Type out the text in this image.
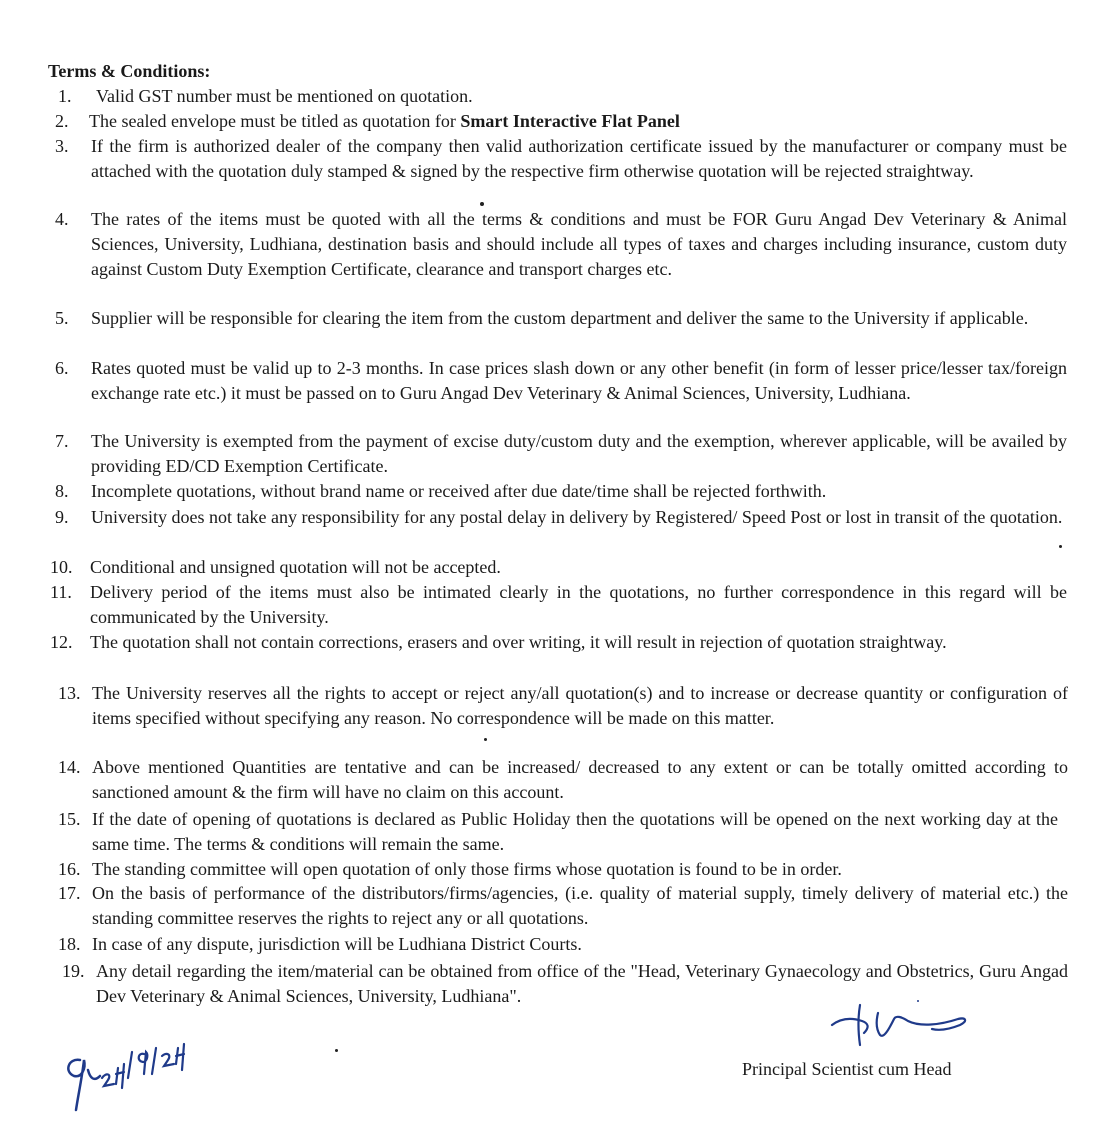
Terms & Conditions:
1.	Valid GST number must be mentioned on quotation.
2.	The sealed envelope must be titled as quotation for Smart Interactive Flat Panel
3.	If the firm is authorized dealer of the company then valid authorization certificate issued by the manufacturer or company must be attached with the quotation duly stamped & signed by the respective firm otherwise quotation will be rejected straightway.
4.	The rates of the items must be quoted with all the terms & conditions and must be FOR Guru Angad Dev Veterinary & Animal Sciences, University, Ludhiana, destination basis and should include all types of taxes and charges including insurance, custom duty against Custom Duty Exemption Certificate, clearance and transport charges etc.
5.	Supplier will be responsible for clearing the item from the custom department and deliver the same to the University if applicable.
6.	Rates quoted must be valid up to 2-3 months. In case prices slash down or any other benefit (in form of lesser price/lesser tax/foreign exchange rate etc.) it must be passed on to Guru Angad Dev Veterinary & Animal Sciences, University, Ludhiana.
7.	The University is exempted from the payment of excise duty/custom duty and the exemption, wherever applicable, will be availed by providing ED/CD Exemption Certificate.
8.	Incomplete quotations, without brand name or received after due date/time shall be rejected forthwith.
9.	University does not take any responsibility for any postal delay in delivery by Registered/ Speed Post or lost in transit of the quotation.
10. Conditional and unsigned quotation will not be accepted.
11.	Delivery period of the items must also be intimated clearly in the quotations, no further correspondence in this regard will be communicated by the University.
12. The quotation shall not contain corrections, erasers and over writing, it will result in rejection of quotation straightway.
13. The University reserves all the rights to accept or reject any/all quotation(s) and to increase or decrease quantity or configuration of items specified without specifying any reason. No correspondence will be made on this matter.
14. Above mentioned Quantities are tentative and can be increased/ decreased to any extent or can be totally omitted according to sanctioned amount & the firm will have no claim on this account.
15. If the date of opening of quotations is declared as Public Holiday then the quotations will be opened on the next working day at the same time. The terms & conditions will remain the same.
16. The standing committee will open quotation of only those firms whose quotation is found to be in order.
17. On the basis of performance of the distributors/firms/agencies, (i.e. quality of material supply, timely delivery of material etc.) the standing committee reserves the rights to reject any or all quotations.
18. In case of any dispute, jurisdiction will be Ludhiana District Courts.
19. Any detail regarding the item/material can be obtained from office of the "Head, Veterinary Gynaecology and Obstetrics, Guru Angad Dev Veterinary & Animal Sciences, University, Ludhiana".
Principal Scientist cum Head
